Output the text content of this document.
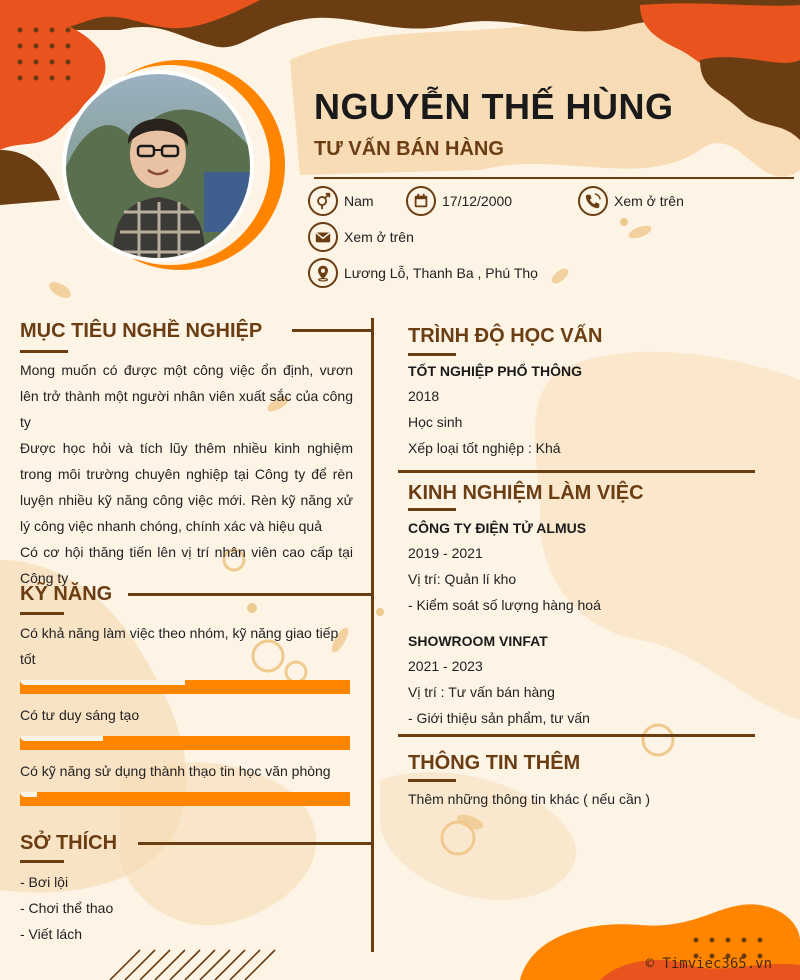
NGUYỄN THẾ HÙNG
TƯ VẤN BÁN HÀNG
Nam	17/12/2000	Xem ở trên
Xem ở trên
Lương Lỗ, Thanh Ba , Phú Thọ
MỤC TIÊU NGHỀ NGHIỆP
Mong muốn có được một công việc ổn định, vươn lên trở thành một người nhân viên xuất sắc của công ty
Được học hỏi và tích lũy thêm nhiều kinh nghiệm trong môi trường chuyên nghiệp tại Công ty để rèn luyện nhiều kỹ năng công việc mới. Rèn kỹ năng xử lý công việc nhanh chóng, chính xác và hiệu quả
Có cơ hội thăng tiến lên vị trí nhân viên cao cấp tại Công ty
KỸ NĂNG
Có khả năng làm việc theo nhóm, kỹ năng giao tiếp tốt
Có tư duy sáng tạo
Có kỹ năng sử dụng thành thạo tin học văn phòng
SỞ THÍCH
- Bơi lội
- Chơi thể thao
- Viết lách
TRÌNH ĐỘ HỌC VẤN
TỐT NGHIỆP PHỔ THÔNG
2018
Học sinh
Xếp loại tốt nghiệp : Khá
KINH NGHIỆM LÀM VIỆC
CÔNG TY ĐIỆN TỬ ALMUS
2019 - 2021
Vị trí: Quản lí kho
- Kiểm soát số lượng hàng hoá
SHOWROOM VINFAT
2021 - 2023
Vị trí : Tư vấn bán hàng
- Giới thiệu sản phẩm, tư vấn
THÔNG TIN THÊM
Thêm những thông tin khác ( nếu cần )
© Timviec365.vn
